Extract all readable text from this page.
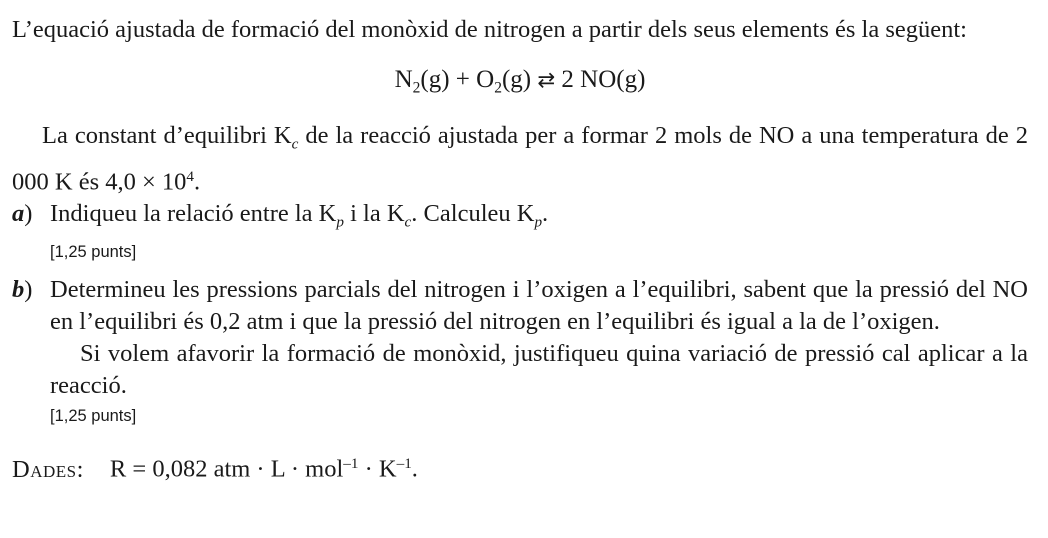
L’equació ajustada de formació del monòxid de nitrogen a partir dels seus elements és la següent:

$N_2(g) + O_2(g)$ ⇄ 2 NO(g)

La constant d’equilibri $K_c$ de la reacció ajustada per a formar 2 mols de NO a una temperatura de 2 000 K és $4,0 \times 10^4$.

a) Indiqueu la relació entre la $K_p$ i la $K_c$. Calculeu $K_p$.

[1,25 punts]
b) Determineu les pressions parcials del nitrogen i l’oxigen a l’equilibri, sabent que la pressió del NO en l’equilibri és 0,2 atm i que la pressió del nitrogen en l’equilibri és igual a la de l’oxigen.

Si volem afavorir la formació de monòxid, justifiqueu quina variació de pressió cal aplicar a la reacció.

[1,25 punts]

Dades: R = 0,082 atm · $L \cdot mol^{-1} \cdot K^{-1}$.
